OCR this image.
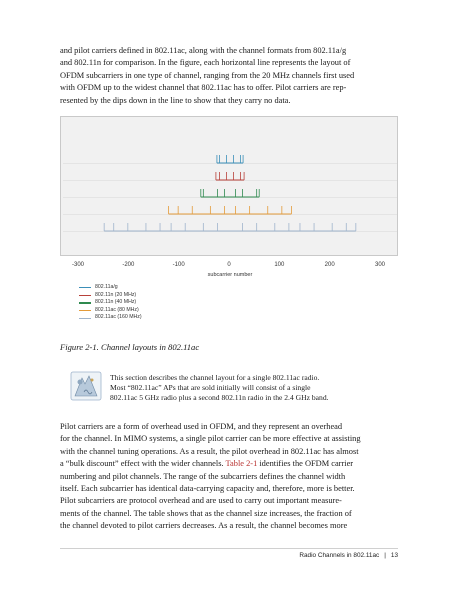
and pilot carriers defined in 802.11ac, along with the channel formats from 802.11a/g
and 802.11n for comparison. In the figure, each horizontal line represents the layout of
OFDM subcarriers in one type of channel, ranging from the 20 MHz channels first used
with OFDM up to the widest channel that 802.11ac has to offer. Pilot carriers are rep-
resented by the dips down in the line to show that they carry no data.

-300	-200	-100	0	100	200	300
subcarrier number
802.11a/g
802.11n (20 MHz)
802.11n (40 MHz)
802.11ac (80 MHz)
802.11ac (160 MHz)
Figure 2-1. Channel layouts in 802.11ac
This section describes the channel layout for a single 802.11ac radio.
Most “802.11ac” APs that are sold initially will consist of a single
802.11ac 5 GHz radio plus a second 802.11n radio in the 2.4 GHz band.

Pilot carriers are a form of overhead used in OFDM, and they represent an overhead
for the channel. In MIMO systems, a single pilot carrier can be more effective at assisting
with the channel tuning operations. As a result, the pilot overhead in 802.11ac has almost
a “bulk discount” effect with the wider channels. Table 2-1 identifies the OFDM carrier
numbering and pilot channels. The range of the subcarriers defines the channel width
itself. Each subcarrier has identical data-carrying capacity and, therefore, more is better.
Pilot subcarriers are protocol overhead and are used to carry out important measure-
ments of the channel. The table shows that as the channel size increases, the fraction of
the channel devoted to pilot carriers decreases. As a result, the channel becomes more

Radio Channels in 802.11ac | 13
